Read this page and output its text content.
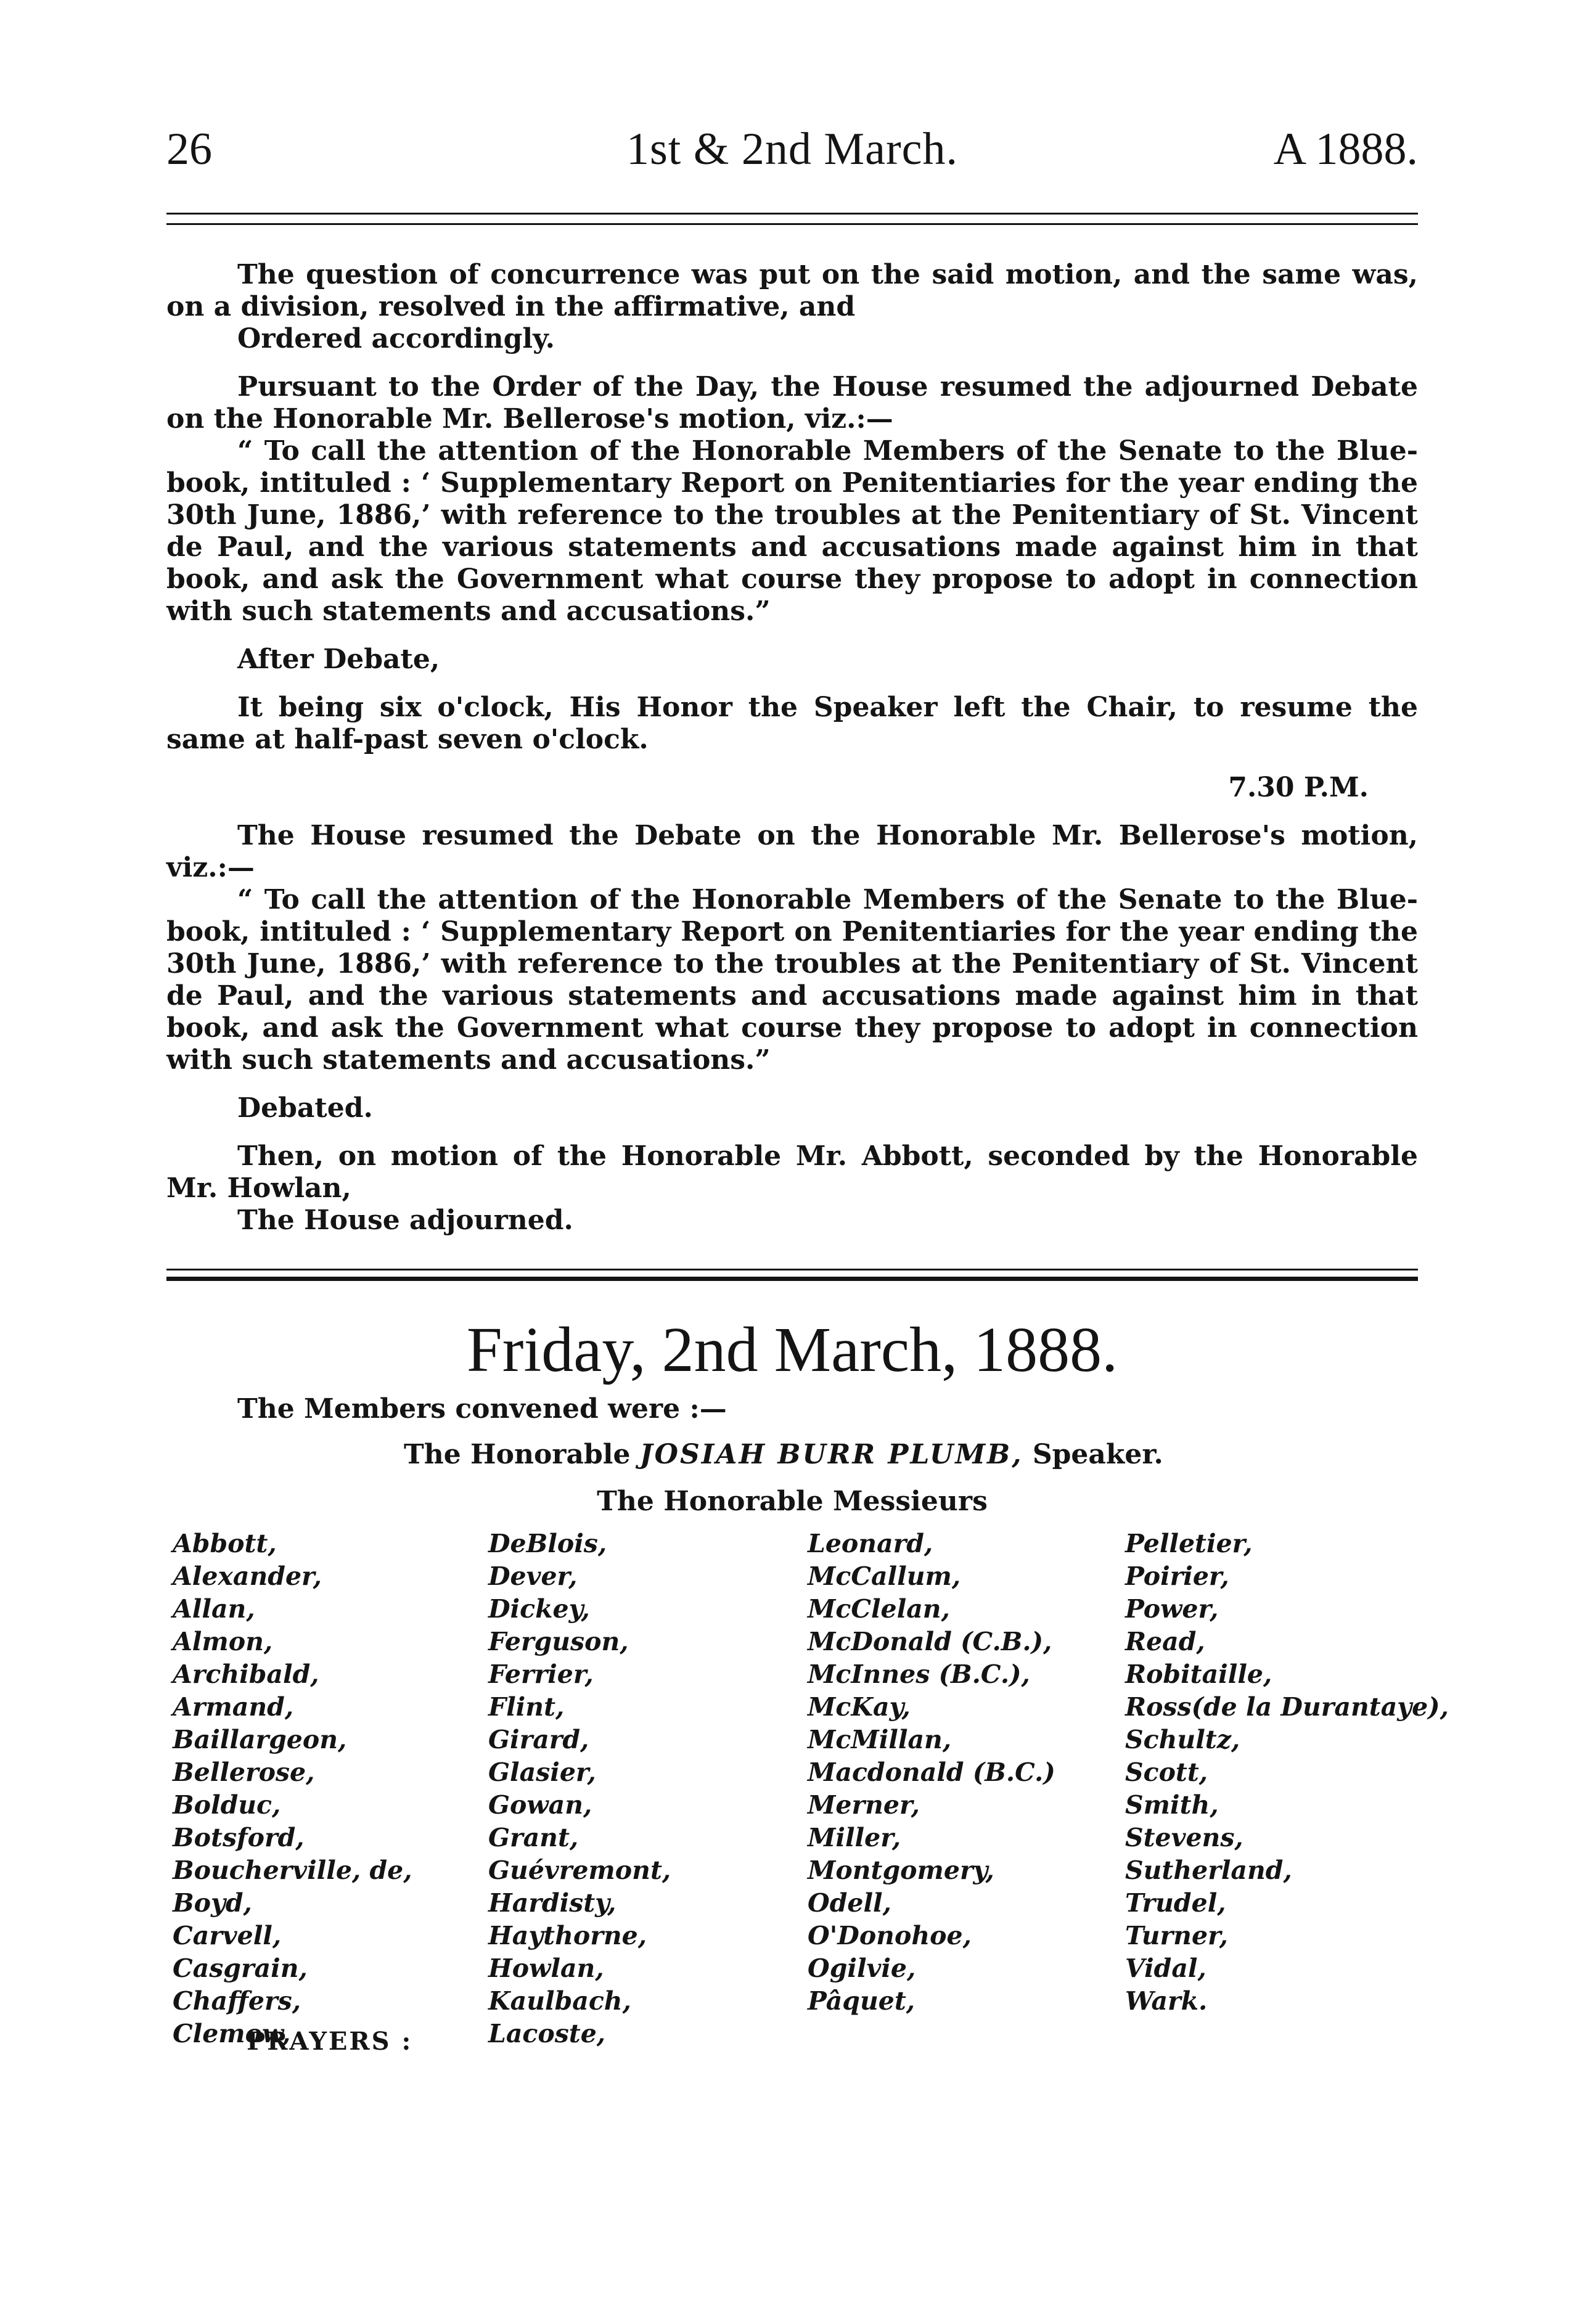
26	1st & 2nd March.	A 1888.

The question of concurrence was put on the said motion, and the same was, on a division, resolved in the affirmative, and

Ordered accordingly.

Pursuant to the Order of the Day, the House resumed the adjourned Debate on the Honorable Mr. Bellerose's motion, viz.:—

“ To call the attention of the Honorable Members of the Senate to the Blue-book, intituled : ‘ Supplementary Report on Penitentiaries for the year ending the 30th June, 1886,’ with reference to the troubles at the Penitentiary of St. Vincent de Paul, and the various statements and accusations made against him in that book, and ask the Government what course they propose to adopt in connection with such statements and accusations.”

After Debate,

It being six o'clock, His Honor the Speaker left the Chair, to resume the same at half-past seven o'clock.

7.30 P.M.

The House resumed the Debate on the Honorable Mr. Bellerose's motion, viz.:—

“ To call the attention of the Honorable Members of the Senate to the Blue-book, intituled : ‘ Supplementary Report on Penitentiaries for the year ending the 30th June, 1886,’ with reference to the troubles at the Penitentiary of St. Vincent de Paul, and the various statements and accusations made against him in that book, and ask the Government what course they propose to adopt in connection with such statements and accusations.”

Debated.

Then, on motion of the Honorable Mr. Abbott, seconded by the Honorable Mr. Howlan,

The House adjourned.

Friday, 2nd March, 1888.
The Members convened were :—
The Honorable JOSIAH BURR PLUMB, Speaker.
The Honorable Messieurs
Abbott,
Alexander,
Allan,
Almon,
Archibald,
Armand,
Baillargeon,
Bellerose,
Bolduc,
Botsford,
Boucherville, de,
Boyd,
Carvell,
Casgrain,
Chaffers,
Clemow,
DeBlois,
Dever,
Dickey,
Ferguson,
Ferrier,
Flint,
Girard,
Glasier,
Gowan,
Grant,
Guévremont,
Hardisty,
Haythorne,
Howlan,
Kaulbach,
Lacoste,
Leonard,
McCallum,
McClelan,
McDonald (C.B.),
McInnes (B.C.),
McKay,
McMillan,
Macdonald (B.C.)
Merner,
Miller,
Montgomery,
Odell,
O'Donohoe,
Ogilvie,
Pâquet,
Pelletier,
Poirier,
Power,
Read,
Robitaille,
Ross(de la Durantaye),
Schultz,
Scott,
Smith,
Stevens,
Sutherland,
Trudel,
Turner,
Vidal,
Wark.
PRAYERS :
